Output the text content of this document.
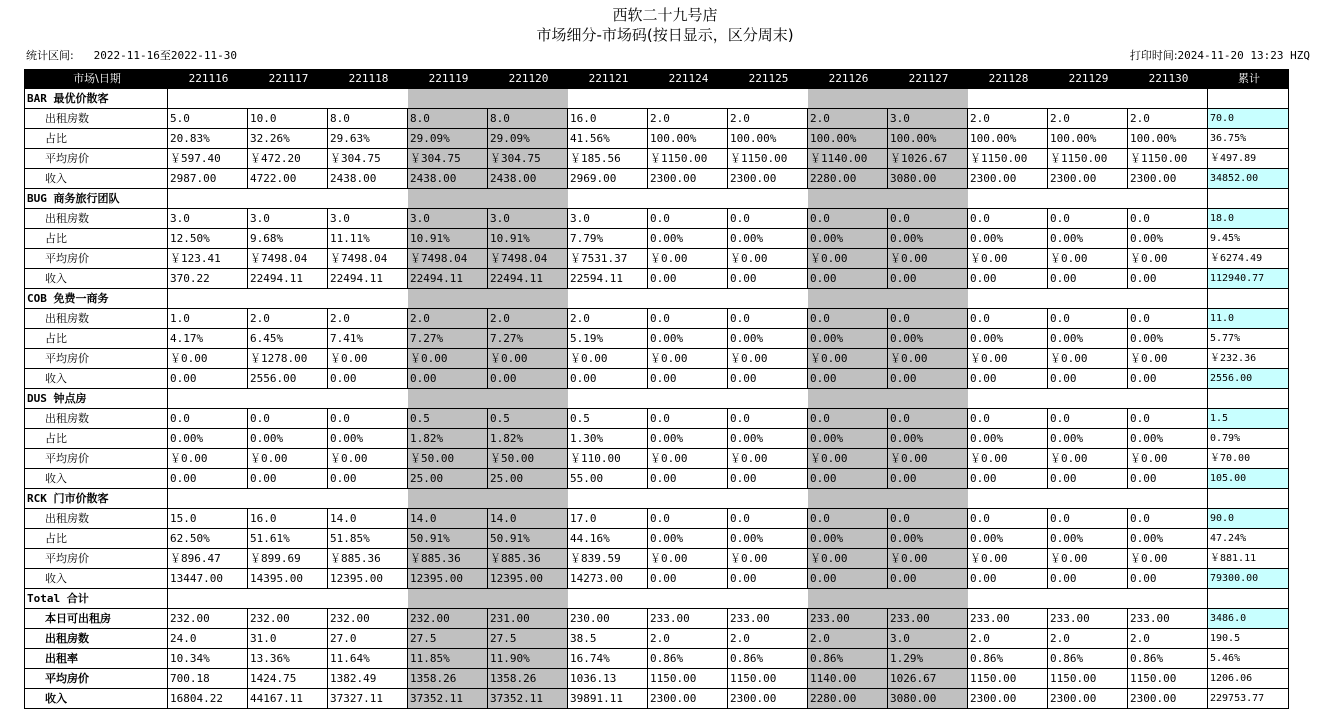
西软二十九号店
市场细分-市场码(按日显示，区分周末)
统计区间: 2022-11-16至2022-11-30	打印时间:2024-11-20 13:23 HZQ
市场\日期	221116	221117	221118	221119	221120	221121	221124	221125	221126	221127	221128	221129	221130	累计
BAR 最优价散客														
出租房数	5.0	10.0	8.0	8.0	8.0	16.0	2.0	2.0	2.0	3.0	2.0	2.0	2.0	70.0
占比	20.83%	32.26%	29.63%	29.09%	29.09%	41.56%	100.00%	100.00%	100.00%	100.00%	100.00%	100.00%	100.00%	36.75%
平均房价	￥597.40	￥472.20	￥304.75	￥304.75	￥304.75	￥185.56	￥1150.00	￥1150.00	￥1140.00	￥1026.67	￥1150.00	￥1150.00	￥1150.00	￥497.89
收入	2987.00	4722.00	2438.00	2438.00	2438.00	2969.00	2300.00	2300.00	2280.00	3080.00	2300.00	2300.00	2300.00	34852.00
BUG 商务旅行团队														
出租房数	3.0	3.0	3.0	3.0	3.0	3.0	0.0	0.0	0.0	0.0	0.0	0.0	0.0	18.0
占比	12.50%	9.68%	11.11%	10.91%	10.91%	7.79%	0.00%	0.00%	0.00%	0.00%	0.00%	0.00%	0.00%	9.45%
平均房价	￥123.41	￥7498.04	￥7498.04	￥7498.04	￥7498.04	￥7531.37	￥0.00	￥0.00	￥0.00	￥0.00	￥0.00	￥0.00	￥0.00	￥6274.49
收入	370.22	22494.11	22494.11	22494.11	22494.11	22594.11	0.00	0.00	0.00	0.00	0.00	0.00	0.00	112940.77
COB 免费一商务														
出租房数	1.0	2.0	2.0	2.0	2.0	2.0	0.0	0.0	0.0	0.0	0.0	0.0	0.0	11.0
占比	4.17%	6.45%	7.41%	7.27%	7.27%	5.19%	0.00%	0.00%	0.00%	0.00%	0.00%	0.00%	0.00%	5.77%
平均房价	￥0.00	￥1278.00	￥0.00	￥0.00	￥0.00	￥0.00	￥0.00	￥0.00	￥0.00	￥0.00	￥0.00	￥0.00	￥0.00	￥232.36
收入	0.00	2556.00	0.00	0.00	0.00	0.00	0.00	0.00	0.00	0.00	0.00	0.00	0.00	2556.00
DUS 钟点房														
出租房数	0.0	0.0	0.0	0.5	0.5	0.5	0.0	0.0	0.0	0.0	0.0	0.0	0.0	1.5
占比	0.00%	0.00%	0.00%	1.82%	1.82%	1.30%	0.00%	0.00%	0.00%	0.00%	0.00%	0.00%	0.00%	0.79%
平均房价	￥0.00	￥0.00	￥0.00	￥50.00	￥50.00	￥110.00	￥0.00	￥0.00	￥0.00	￥0.00	￥0.00	￥0.00	￥0.00	￥70.00
收入	0.00	0.00	0.00	25.00	25.00	55.00	0.00	0.00	0.00	0.00	0.00	0.00	0.00	105.00
RCK 门市价散客														
出租房数	15.0	16.0	14.0	14.0	14.0	17.0	0.0	0.0	0.0	0.0	0.0	0.0	0.0	90.0
占比	62.50%	51.61%	51.85%	50.91%	50.91%	44.16%	0.00%	0.00%	0.00%	0.00%	0.00%	0.00%	0.00%	47.24%
平均房价	￥896.47	￥899.69	￥885.36	￥885.36	￥885.36	￥839.59	￥0.00	￥0.00	￥0.00	￥0.00	￥0.00	￥0.00	￥0.00	￥881.11
收入	13447.00	14395.00	12395.00	12395.00	12395.00	14273.00	0.00	0.00	0.00	0.00	0.00	0.00	0.00	79300.00
Total 合计														
本日可出租房	232.00	232.00	232.00	232.00	231.00	230.00	233.00	233.00	233.00	233.00	233.00	233.00	233.00	3486.0
出租房数	24.0	31.0	27.0	27.5	27.5	38.5	2.0	2.0	2.0	3.0	2.0	2.0	2.0	190.5
出租率	10.34%	13.36%	11.64%	11.85%	11.90%	16.74%	0.86%	0.86%	0.86%	1.29%	0.86%	0.86%	0.86%	5.46%
平均房价	700.18	1424.75	1382.49	1358.26	1358.26	1036.13	1150.00	1150.00	1140.00	1026.67	1150.00	1150.00	1150.00	1206.06
收入	16804.22	44167.11	37327.11	37352.11	37352.11	39891.11	2300.00	2300.00	2280.00	3080.00	2300.00	2300.00	2300.00	229753.77
